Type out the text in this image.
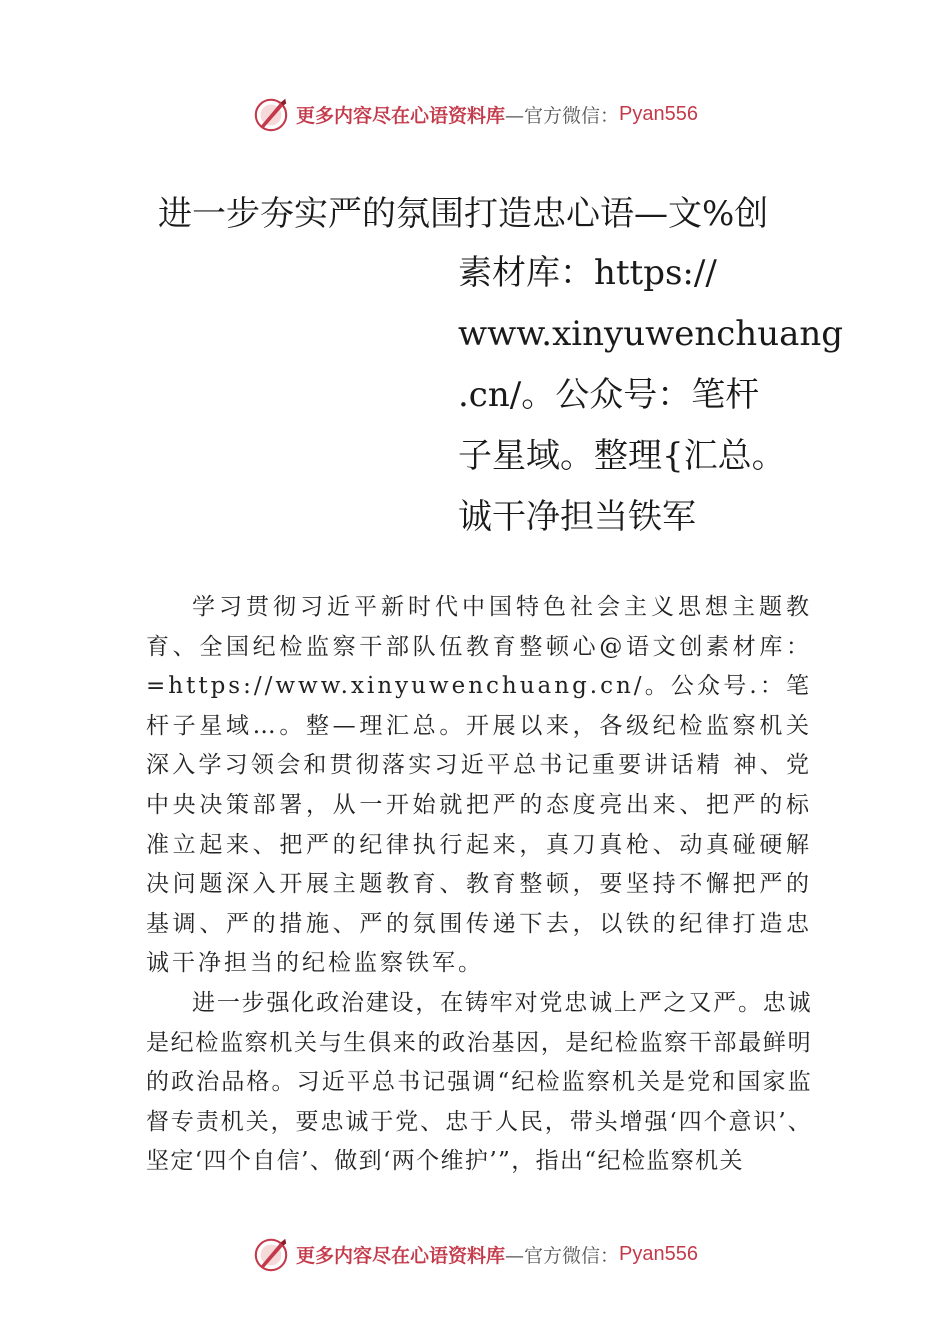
更多内容尽在心语资料库 —官方微信： Pyan556
进一步夯实严的氛围打造忠心语—文%创
素材库：https://
www.xinyuwenchuang
.cn/。公众号：笔杆
子星域。整理{汇总。
诚干净担当铁军

学习贯彻习近平新时代中国特色社会主义思想主题教育、全国纪检监察干部队伍教育整顿心@语文创素材库：=https://www.xinyuwenchuang.cn/。公众号.：笔杆子星域…。整—理汇总。开展以来，各级纪检监察机关深入学习领会和贯彻落实习近平总书记重要讲话精 神、党中央决策部署，从一开始就把严的态度亮出来、把严的标准立起来、把严的纪律执行起来，真刀真枪、动真碰硬解决问题深入开展主题教育、教育整顿，要坚持不懈把严的基调、严的措施、严的氛围传递下去，以铁的纪律打造忠 诚干净担当的纪检监察铁军。

进一步强化政治建设，在铸牢对党忠诚上严之又严。忠诚是纪检监察机关与生俱来的政治基因，是纪检监察干部最鲜明的政治品格。习近平总书记强调“纪检监察机关是党和国家监督专责机关，要忠诚于党、忠于人民，带头增强‘四个意识’、坚定‘四个自信’、做到‘两个维护’”，指出“纪检监察机关

更多内容尽在心语资料库 —官方微信： Pyan556
